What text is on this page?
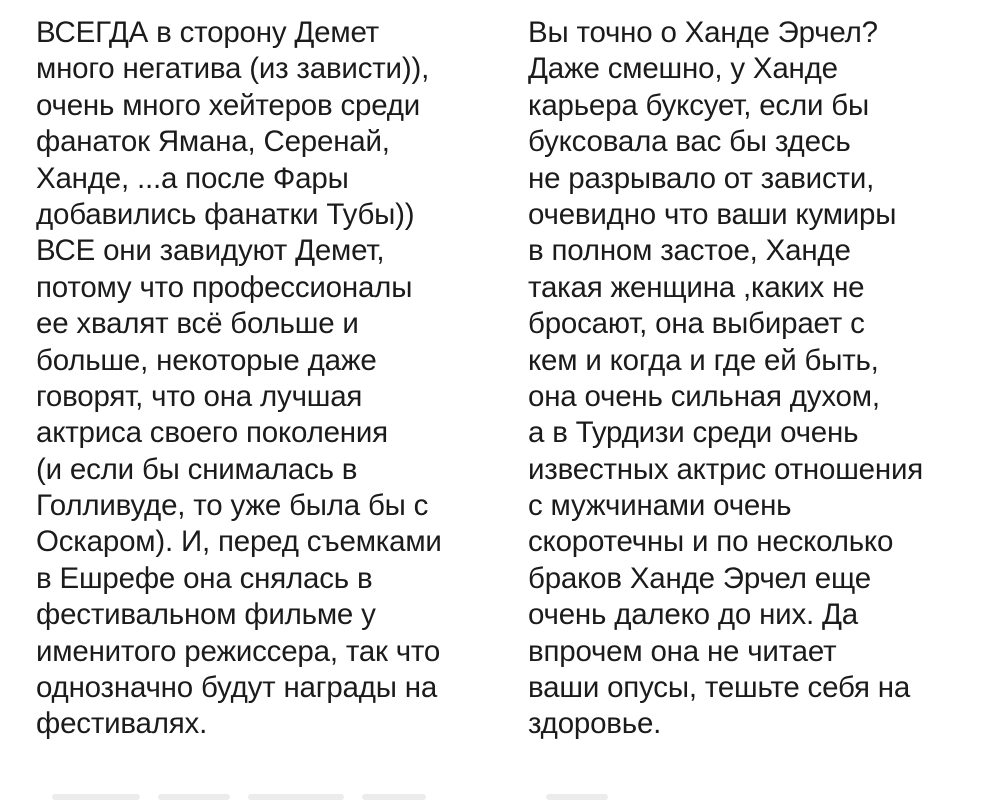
ВСЕГДА в сторону Демет
много негатива (из зависти)),
очень много хейтеров среди
фанаток Ямана, Серенай,
Ханде, ...а после Фары
добавились фанатки Тубы))
ВСЕ они завидуют Демет,
потому что профессионалы
ее хвалят всё больше и
больше, некоторые даже
говорят, что она лучшая
актриса своего поколения
(и если бы снималась в
Голливуде, то уже была бы с
Оскаром). И, перед съемками
в Ешрефе она снялась в
фестивальном фильме у
именитого режиссера, так что
однозначно будут награды на
фестивалях.
Вы точно о Ханде Эрчел?
Даже смешно, у Ханде
карьера буксует, если бы
буксовала вас бы здесь
не разрывало от зависти,
очевидно что ваши кумиры
в полном застое, Ханде
такая женщина ,каких не
бросают, она выбирает с
кем и когда и где ей быть,
она очень сильная духом,
а в Турдизи среди очень
известных актрис отношения
с мужчинами очень
скоротечны и по несколько
браков Ханде Эрчел еще
очень далеко до них. Да
впрочем она не читает
ваши опусы, тешьте себя на
здоровье.
